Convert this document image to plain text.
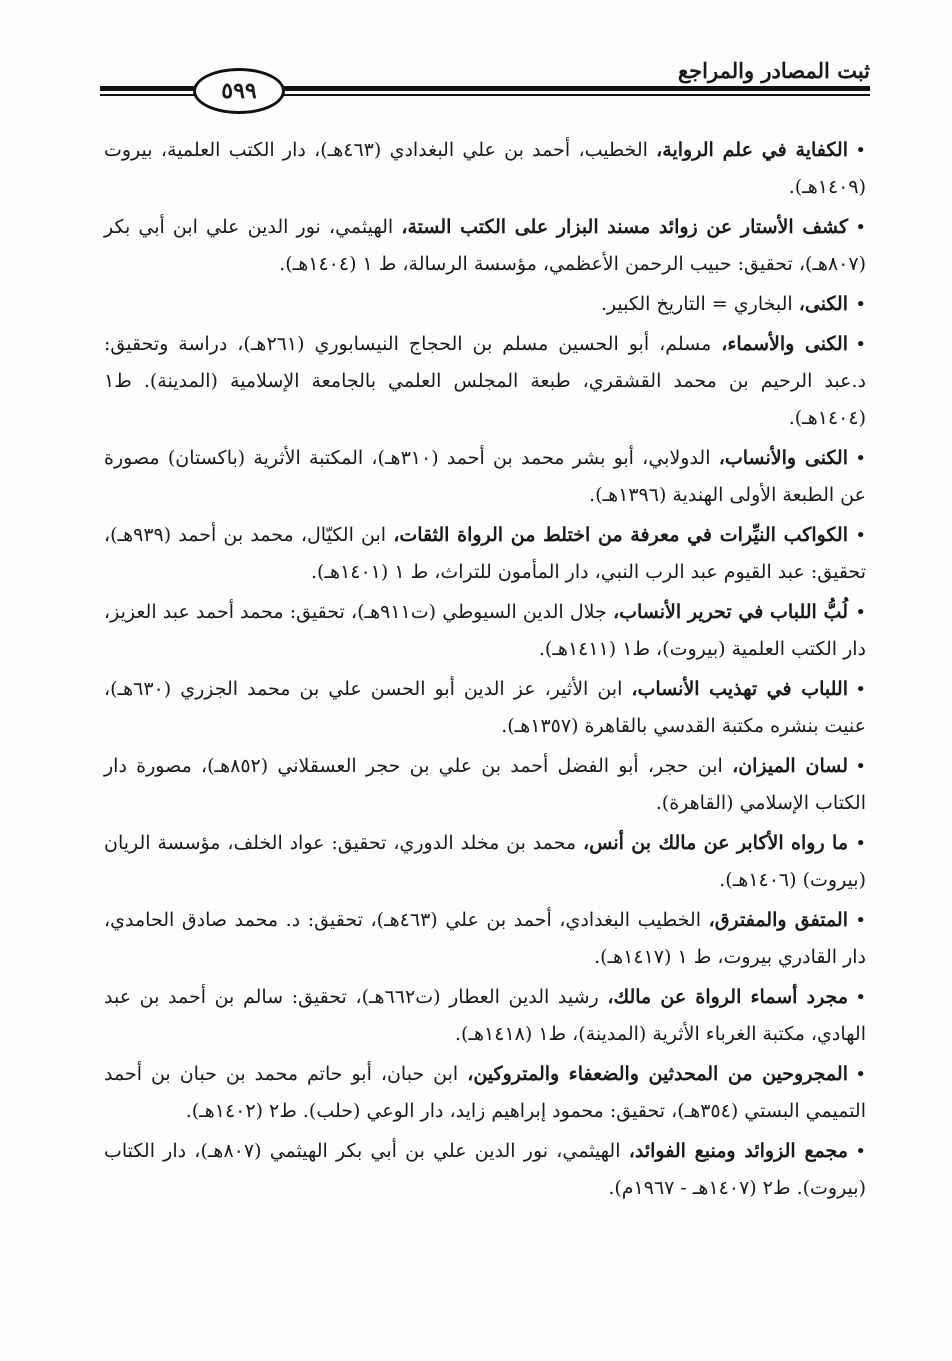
ثبت المصادر والمراجع
٥٩٩
•الكفاية في علم الرواية، الخطيب، أحمد بن علي البغدادي (٤٦٣هـ)، دار الكتب العلمية، بيروت (١٤٠٩هـ).
•كشف الأستار عن زوائد مسند البزار على الكتب الستة، الهيثمي، نور الدين علي ابن أبي بكر (٨٠٧هـ)، تحقيق: حبيب الرحمن الأعظمي، مؤسسة الرسالة، ط ١ (١٤٠٤هـ).
•الكنى، البخاري = التاريخ الكبير.
•الكنى والأسماء، مسلم، أبو الحسين مسلم بن الحجاج النيسابوري (٢٦١هـ)، دراسة وتحقيق: د.عبد الرحيم بن محمد القشقري، طبعة المجلس العلمي بالجامعة الإسلامية (المدينة). ط١ (١٤٠٤هـ).
•الكنى والأنساب، الدولابي، أبو بشر محمد بن أحمد (٣١٠هـ)، المكتبة الأثرية (باكستان) مصورة عن الطبعة الأولى الهندية (١٣٩٦هـ).
•الكواكب النيِّرات في معرفة من اختلط من الرواة الثقات، ابن الكيّال، محمد بن أحمد (٩٣٩هـ)، تحقيق: عبد القيوم عبد الرب النبي، دار المأمون للتراث، ط ١ (١٤٠١هـ).
•لُبُّ اللباب في تحرير الأنساب، جلال الدين السيوطي (ت٩١١هـ)، تحقيق: محمد أحمد عبد العزيز، دار الكتب العلمية (بيروت)، ط١ (١٤١١هـ).
•اللباب في تهذيب الأنساب، ابن الأثير، عز الدين أبو الحسن علي بن محمد الجزري (٦٣٠هـ)، عنيت بنشره مكتبة القدسي بالقاهرة (١٣٥٧هـ).
•لسان الميزان، ابن حجر، أبو الفضل أحمد بن علي بن حجر العسقلاني (٨٥٢هـ)، مصورة دار الكتاب الإسلامي (القاهرة).
•ما رواه الأكابر عن مالك بن أنس، محمد بن مخلد الدوري، تحقيق: عواد الخلف، مؤسسة الريان (بيروت) (١٤٠٦هـ).
•المتفق والمفترق، الخطيب البغدادي، أحمد بن علي (٤٦٣هـ)، تحقيق: د. محمد صادق الحامدي، دار القادري بيروت، ط ١ (١٤١٧هـ).
•مجرد أسماء الرواة عن مالك، رشيد الدين العطار (ت٦٦٢هـ)، تحقيق: سالم بن أحمد بن عبد الهادي، مكتبة الغرباء الأثرية (المدينة)، ط١ (١٤١٨هـ).
•المجروحين من المحدثين والضعفاء والمتروكين، ابن حبان، أبو حاتم محمد بن حبان بن أحمد التميمي البستي (٣٥٤هـ)، تحقيق: محمود إبراهيم زايد، دار الوعي (حلب). ط٢ (١٤٠٢هـ).
•مجمع الزوائد ومنبع الفوائد، الهيثمي، نور الدين علي بن أبي بكر الهيثمي (٨٠٧هـ)، دار الكتاب (بيروت). ط٢ (١٤٠٧هـ - ١٩٦٧م).
